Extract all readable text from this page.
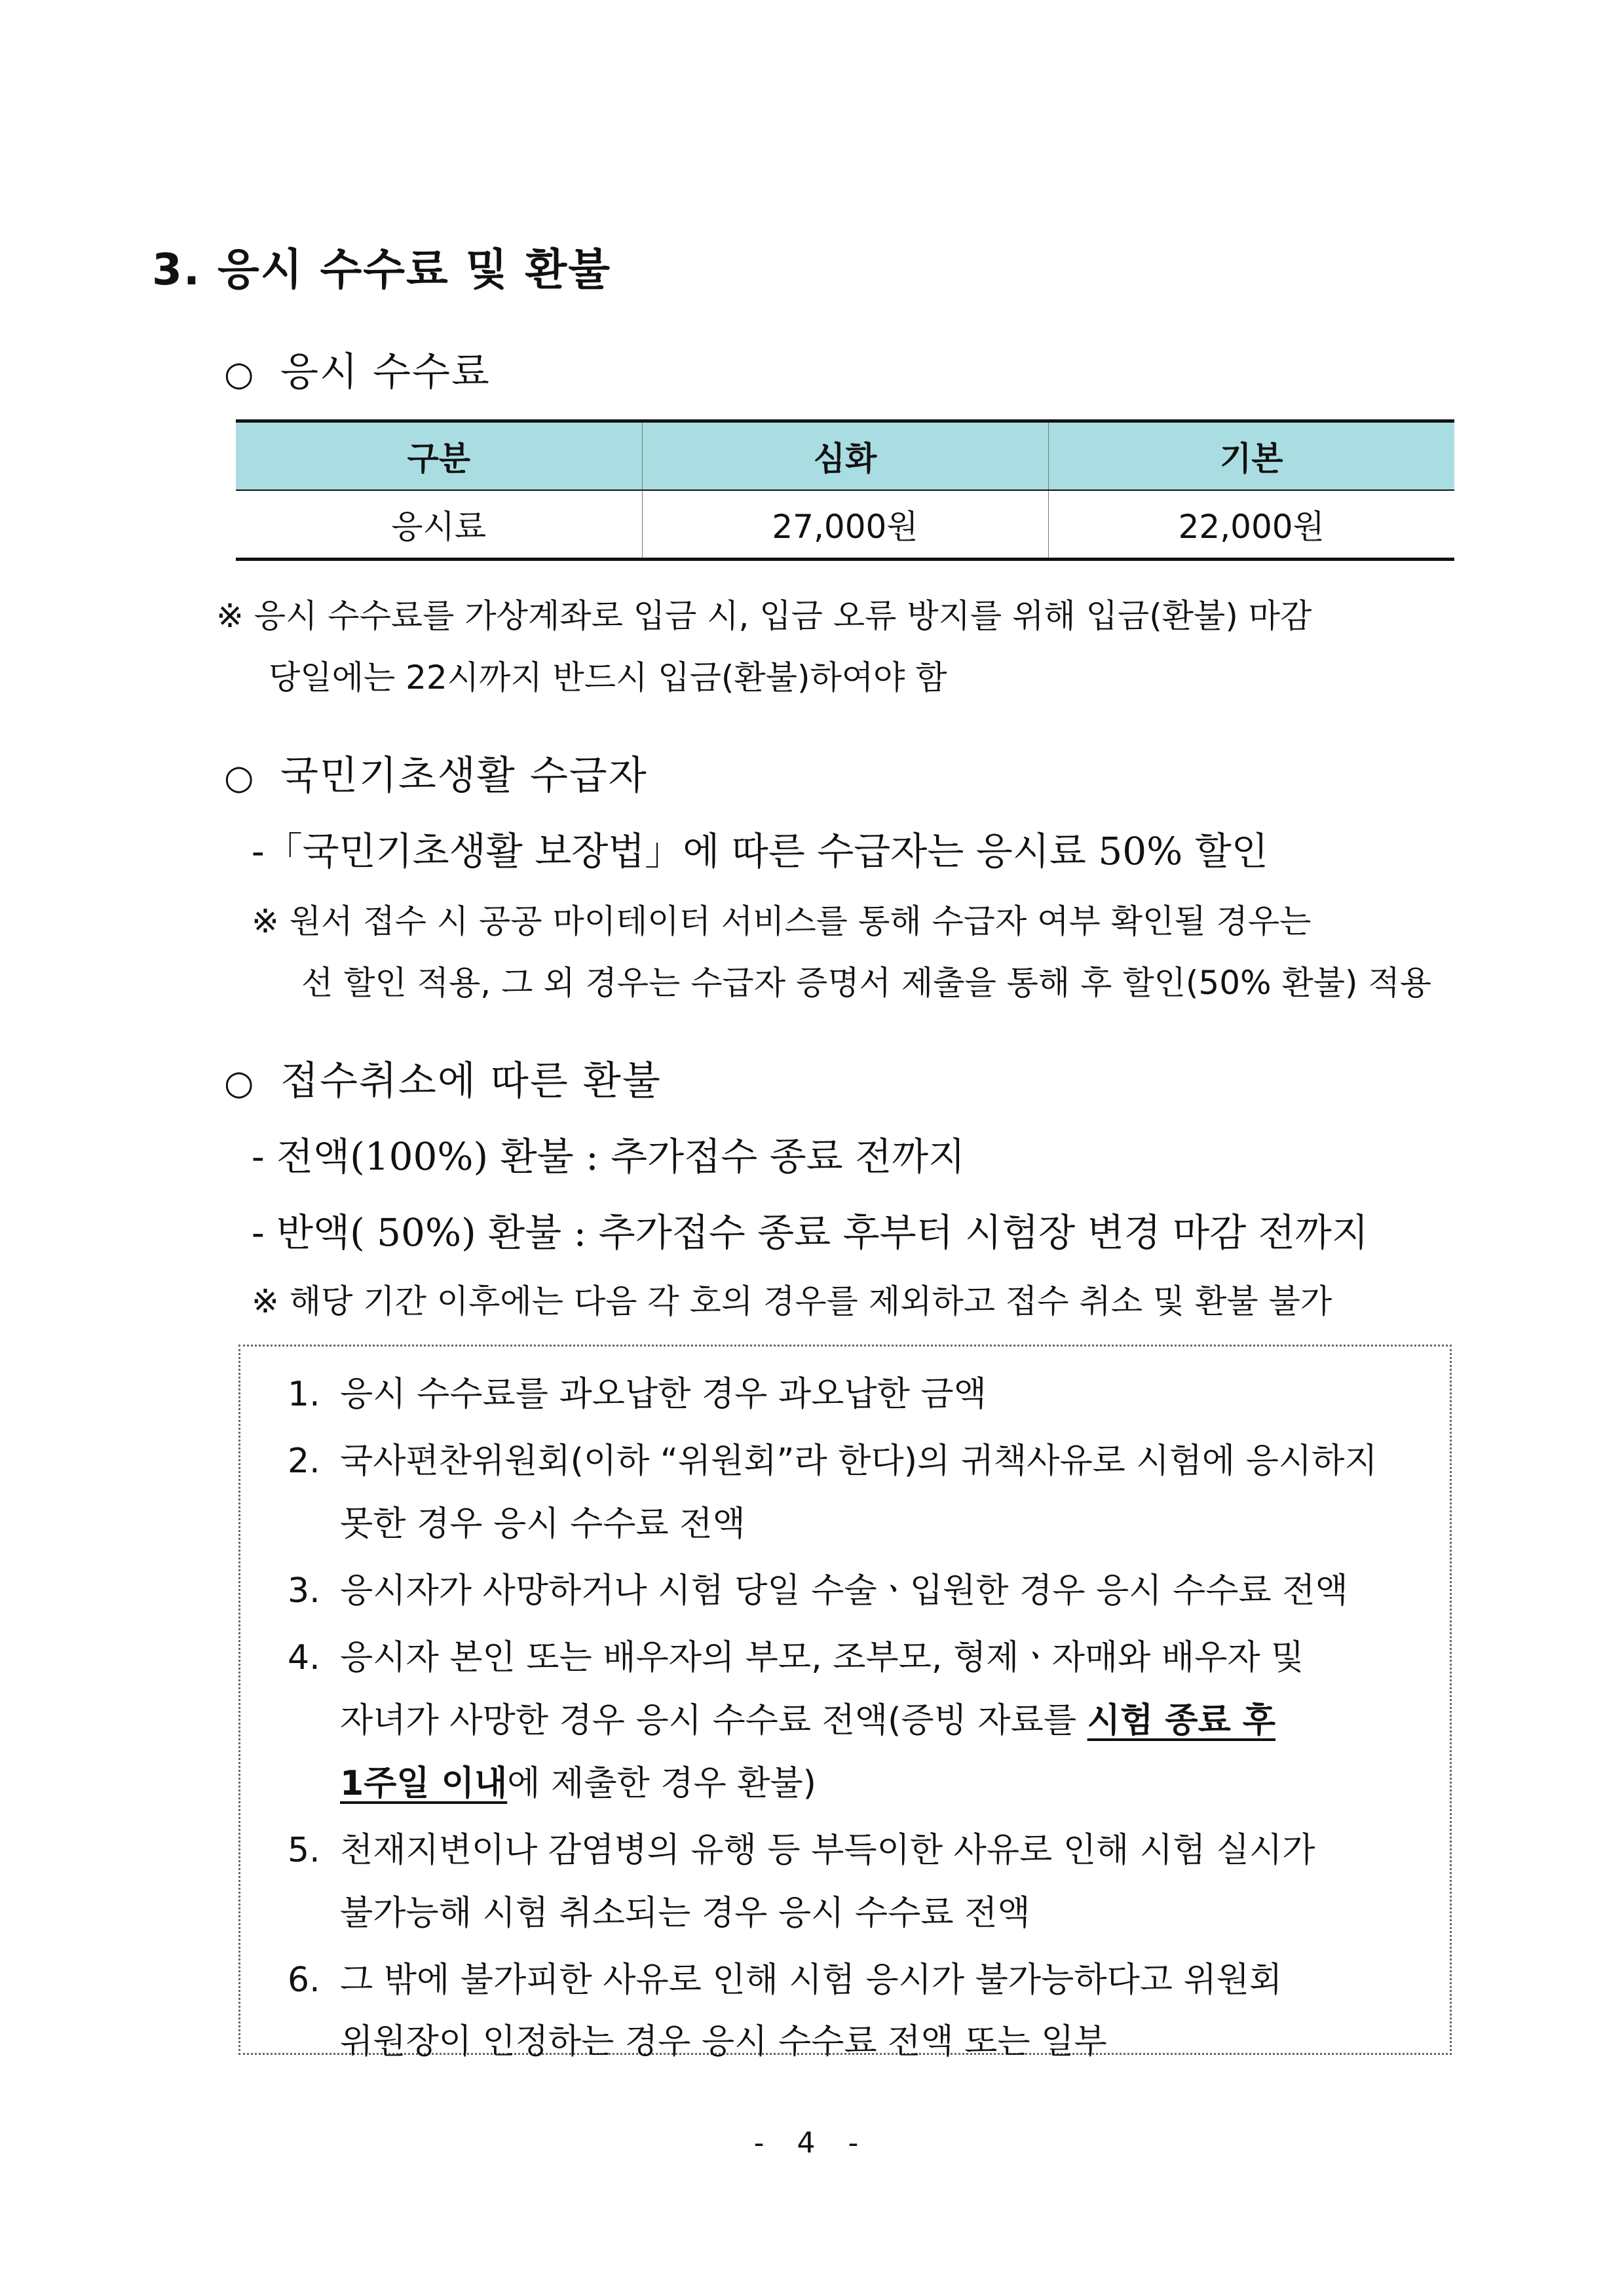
3. 응시 수수료 및 환불
○ 응시 수수료
구분	심화	기본
응시료	27,000원	22,000원
※ 응시 수수료를 가상계좌로 입금 시, 입금 오류 방지를 위해 입금(환불) 마감
당일에는 22시까지 반드시 입금(환불)하여야 함
○ 국민기초생활 수급자
-「국민기초생활 보장법」에 따른 수급자는 응시료 50% 할인
※ 원서 접수 시 공공 마이테이터 서비스를 통해 수급자 여부 확인될 경우는
선 할인 적용, 그 외 경우는 수급자 증명서 제출을 통해 후 할인(50% 환불) 적용
○ 접수취소에 따른 환불
- 전액(100%) 환불 : 추가접수 종료 전까지
- 반액( 50%) 환불 : 추가접수 종료 후부터 시험장 변경 마감 전까지
※ 해당 기간 이후에는 다음 각 호의 경우를 제외하고 접수 취소 및 환불 불가
1. 응시 수수료를 과오납한 경우 과오납한 금액
2. 국사편찬위원회(이하 “위원회”라 한다)의 귀책사유로 시험에 응시하지
못한 경우 응시 수수료 전액
3. 응시자가 사망하거나 시험 당일 수술ㆍ입원한 경우 응시 수수료 전액
4. 응시자 본인 또는 배우자의 부모, 조부모, 형제ㆍ자매와 배우자 및
자녀가 사망한 경우 응시 수수료 전액(증빙 자료를 시험 종료 후
1주일 이내에 제출한 경우 환불)
5. 천재지변이나 감염병의 유행 등 부득이한 사유로 인해 시험 실시가
불가능해 시험 취소되는 경우 응시 수수료 전액
6. 그 밖에 불가피한 사유로 인해 시험 응시가 불가능하다고 위원회
위원장이 인정하는 경우 응시 수수료 전액 또는 일부
- 4 -
